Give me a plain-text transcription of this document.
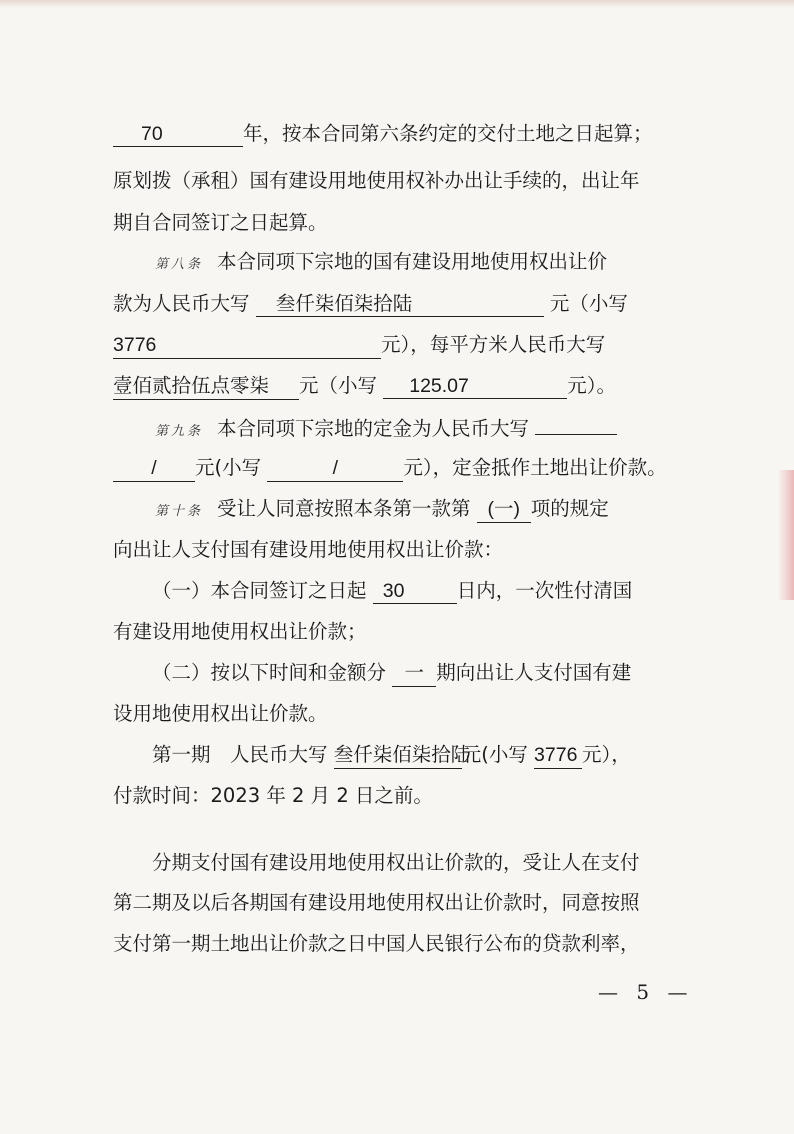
70	年，按本合同第六条约定的交付土地之日起算；
原划拨（承租）国有建设用地使用权补办出让手续的，出让年
期自合同签订之日起算。
第八条 本合同项下宗地的国有建设用地使用权出让价
款为人民币大写 叁仟柒佰柒拾陆	元（小写
3776	元），每平方米人民币大写
壹佰贰拾伍点零柒 元（小写 125.07	元）。
第九条 本合同项下宗地的定金为人民币大写
/ 元(小写	/	元），定金抵作土地出让价款。
第十条 受让人同意按照本条第一款第 (一) 项的规定
向出让人支付国有建设用地使用权出让价款：
（一）本合同签订之日起 30	日内，一次性付清国
有建设用地使用权出让价款；
（二）按以下时间和金额分 一 期向出让人支付国有建
设用地使用权出让价款。
第一期　人民币大写 叁仟柒佰柒拾陆元(小写 3776 元），
付款时间：2023 年 2 月 2 日之前。
分期支付国有建设用地使用权出让价款的，受让人在支付
第二期及以后各期国有建设用地使用权出让价款时，同意按照
支付第一期土地出让价款之日中国人民银行公布的贷款利率，
— 5 —
